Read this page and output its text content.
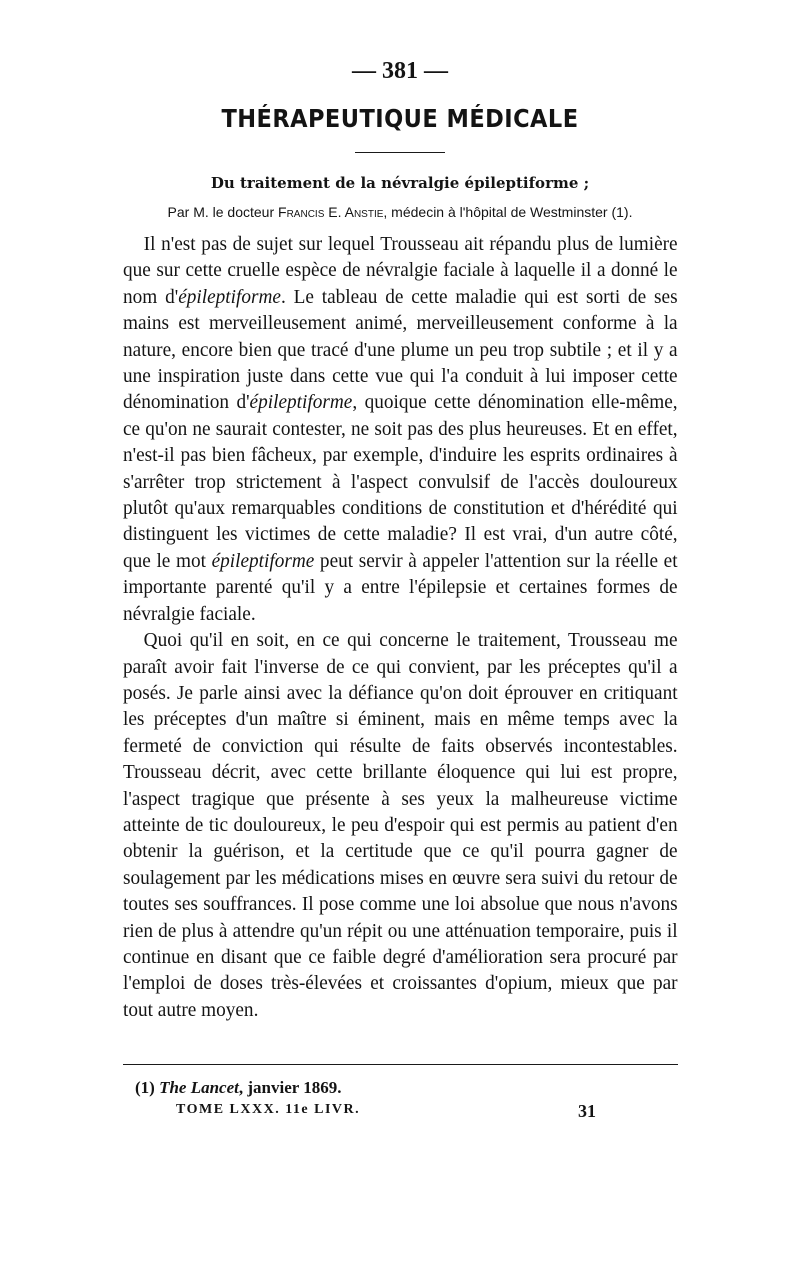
— 381 —
THÉRAPEUTIQUE MÉDICALE
Du traitement de la névralgie épileptiforme ;
Par M. le docteur Francis E. Anstie, médecin à l'hôpital de Westminster (1).

Il n'est pas de sujet sur lequel Trousseau ait répandu plus de lumière que sur cette cruelle espèce de névralgie faciale à laquelle il a donné le nom d'épileptiforme. Le tableau de cette maladie qui est sorti de ses mains est merveilleusement animé, merveilleusement conforme à la nature, encore bien que tracé d'une plume un peu trop subtile ; et il y a une inspiration juste dans cette vue qui l'a conduit à lui imposer cette dénomination d'épileptiforme, quoique cette dénomination elle-même, ce qu'on ne saurait contester, ne soit pas des plus heureuses. Et en effet, n'est-il pas bien fâcheux, par exemple, d'induire les esprits ordinaires à s'arrêter trop strictement à l'aspect convulsif de l'accès douloureux plutôt qu'aux remarquables conditions de constitution et d'hérédité qui distinguent les victimes de cette maladie? Il est vrai, d'un autre côté, que le mot épileptiforme peut servir à appeler l'attention sur la réelle et importante parenté qu'il y a entre l'épilepsie et certaines formes de névralgie faciale.

Quoi qu'il en soit, en ce qui concerne le traitement, Trousseau me paraît avoir fait l'inverse de ce qui convient, par les préceptes qu'il a posés. Je parle ainsi avec la défiance qu'on doit éprouver en critiquant les préceptes d'un maître si éminent, mais en même temps avec la fermeté de conviction qui résulte de faits observés incontestables. Trousseau décrit, avec cette brillante éloquence qui lui est propre, l'aspect tragique que présente à ses yeux la malheureuse victime atteinte de tic douloureux, le peu d'espoir qui est permis au patient d'en obtenir la guérison, et la certitude que ce qu'il pourra gagner de soulagement par les médications mises en œuvre sera suivi du retour de toutes ses souffrances. Il pose comme une loi absolue que nous n'avons rien de plus à attendre qu'un répit ou une atténuation temporaire, puis il continue en disant que ce faible degré d'amélioration sera procuré par l'emploi de doses très-élevées et croissantes d'opium, mieux que par tout autre moyen.

(1) The Lancet, janvier 1869.
TOME LXXX. 11e LIVR.	31
